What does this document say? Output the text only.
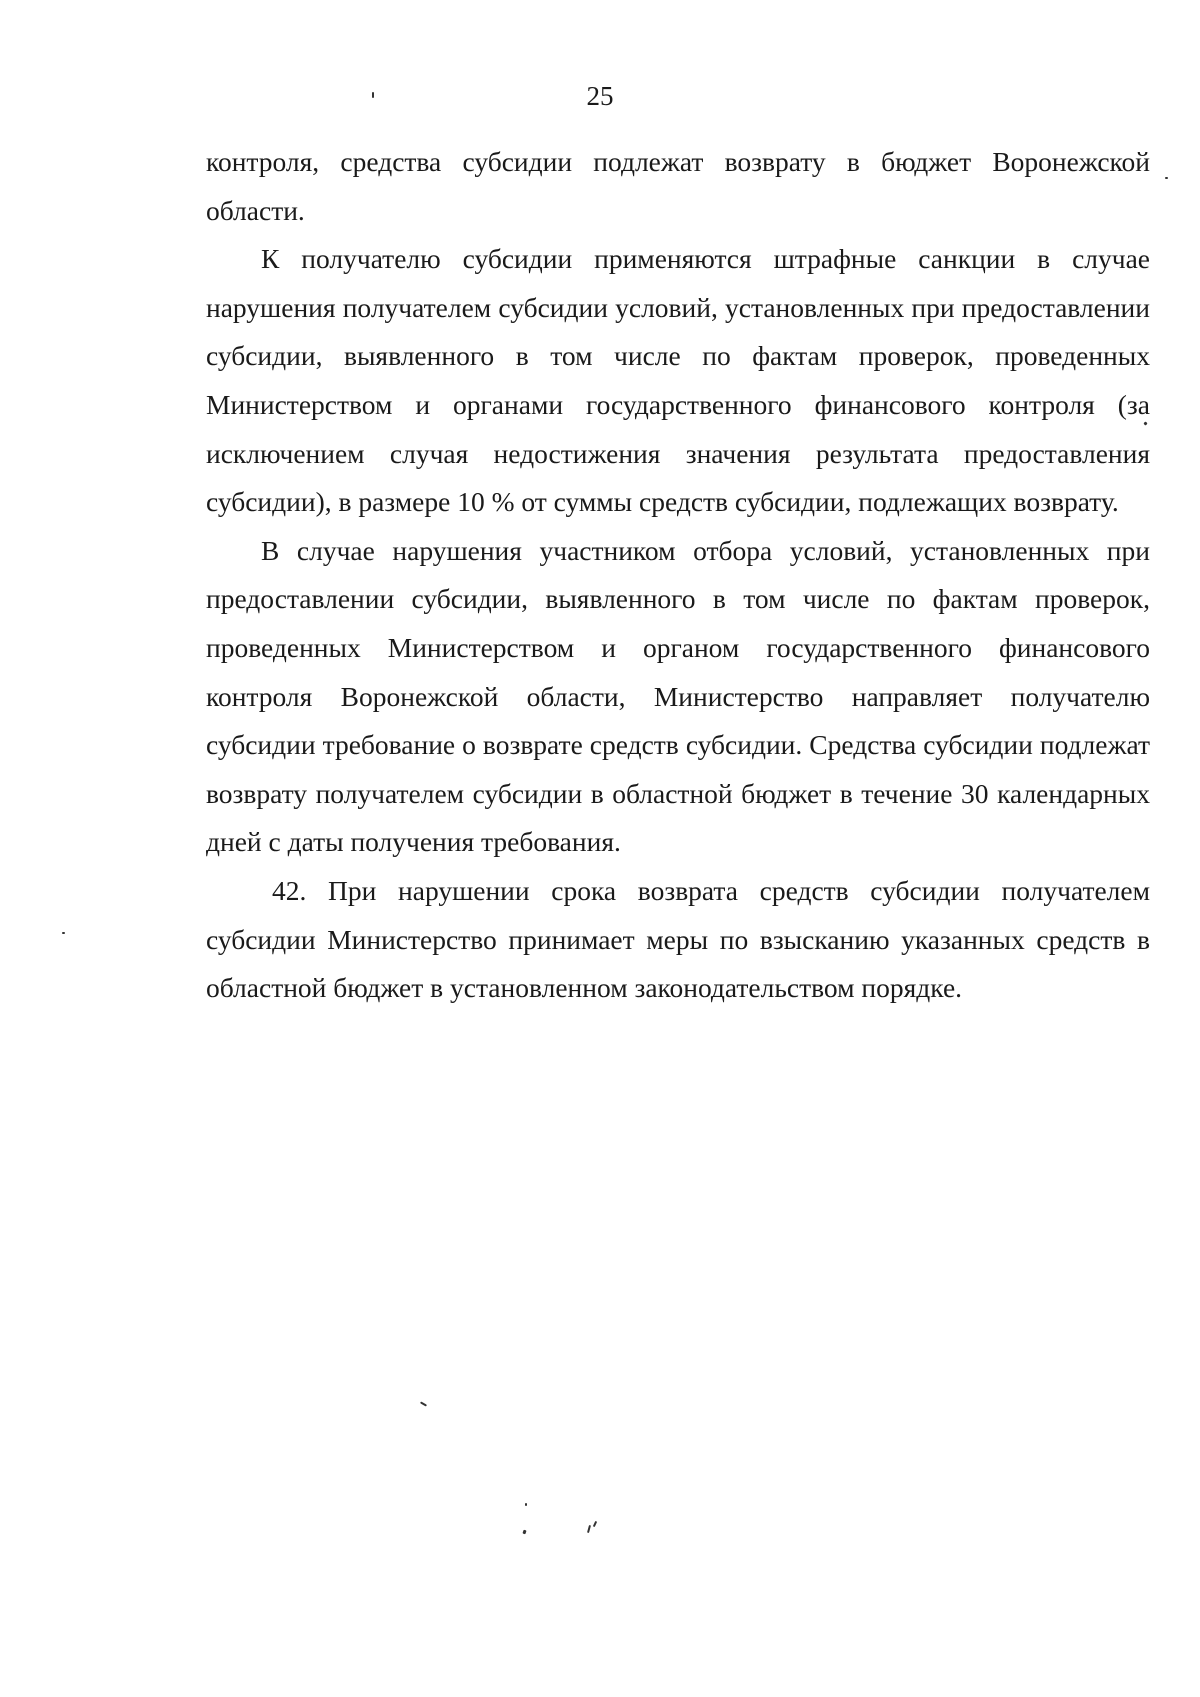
25

контроля, средства субсидии подлежат возврату в бюджет Воронежской области.

К получателю субсидии применяются штрафные санкции в случае нарушения получателем субсидии условий, установленных при предоставлении субсидии, выявленного в том числе по фактам проверок, проведенных Министерством и органами государственного финансового контроля (за исключением случая недостижения значения результата предоставления субсидии), в размере 10 % от суммы средств субсидии, подлежащих возврату.

В случае нарушения участником отбора условий, установленных при предоставлении субсидии, выявленного в том числе по фактам проверок, проведенных Министерством и органом государственного финансового контроля Воронежской области, Министерство направляет получателю субсидии требование о возврате средств субсидии. Средства субсидии подлежат возврату получателем субсидии в областной бюджет в течение 30 календарных дней с даты получения требования.

42. При нарушении срока возврата средств субсидии получателем субсидии Министерство принимает меры по взысканию указанных средств в областной бюджет в установленном законодательством порядке.
